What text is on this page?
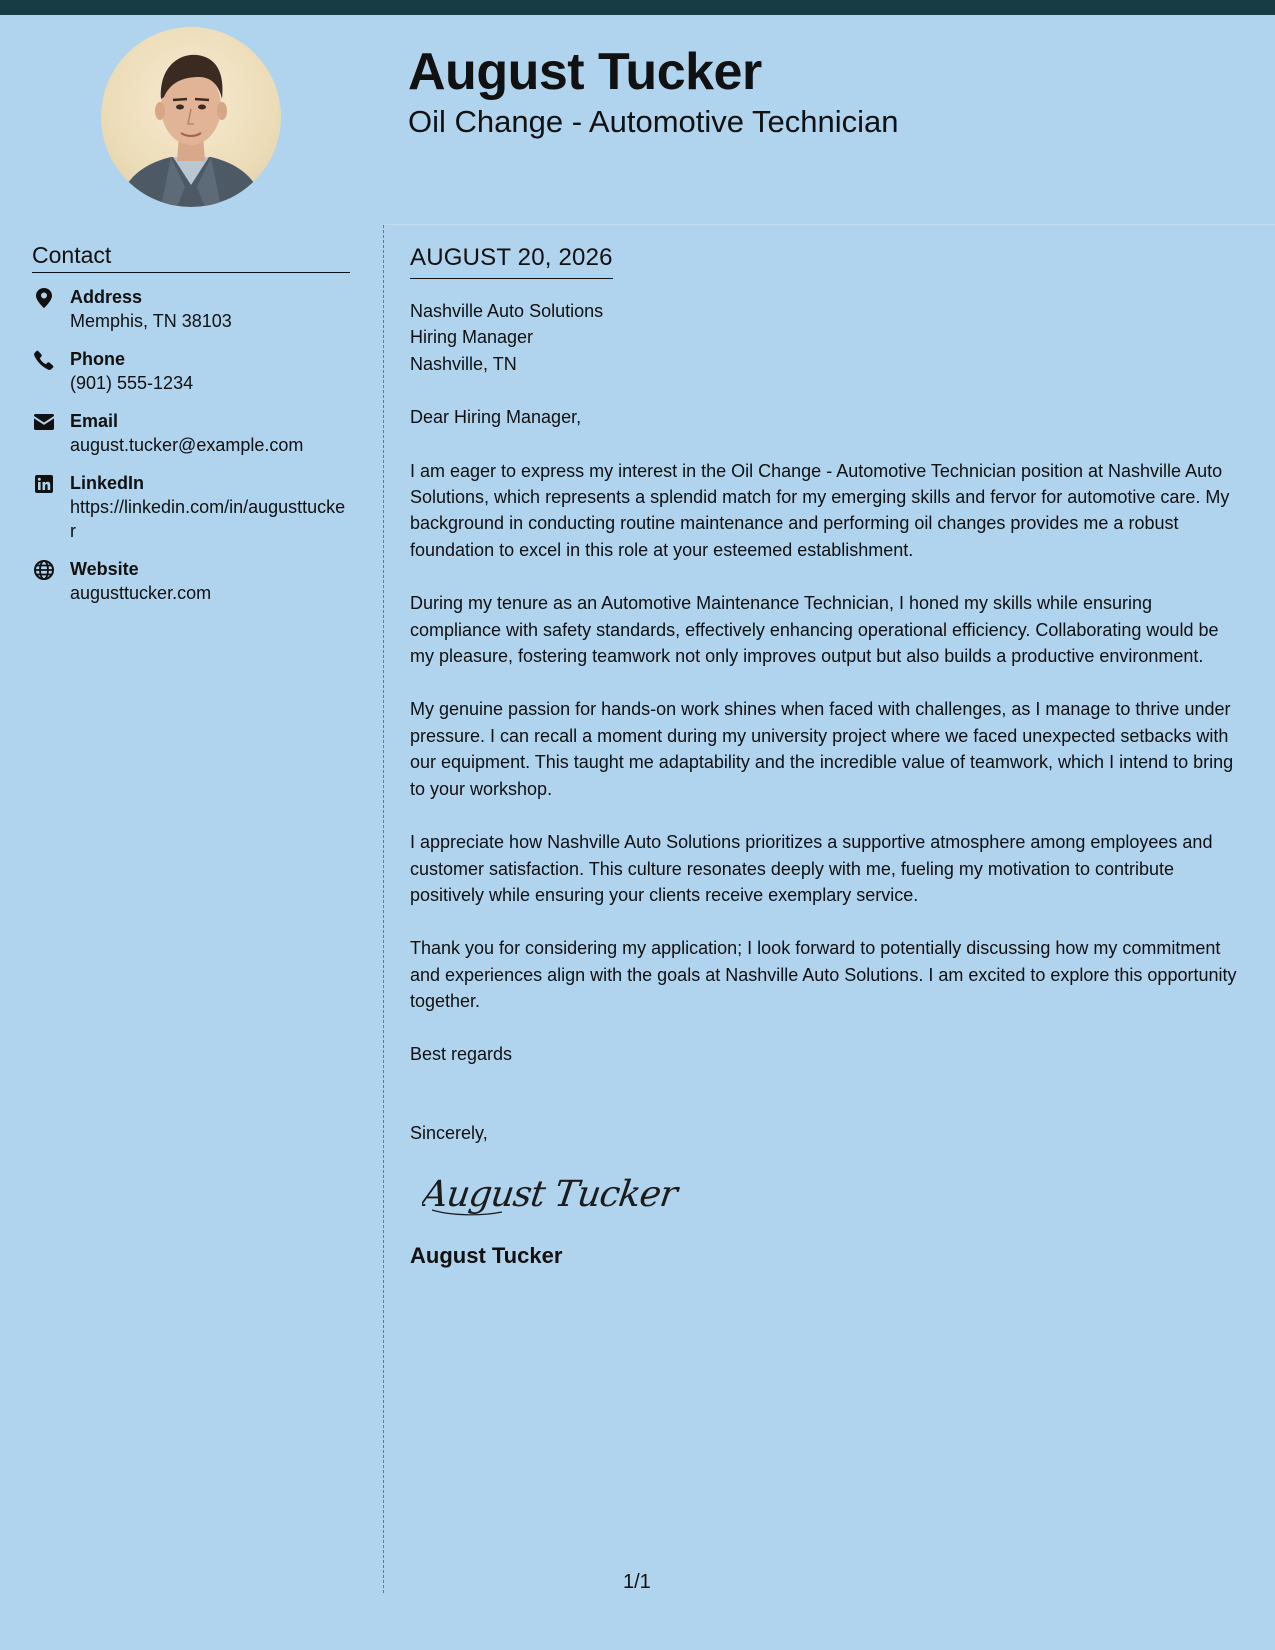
August Tucker
Oil Change - Automotive Technician
Contact
Address
Memphis, TN 38103
Phone
(901) 555-1234
Email
august.tucker@example.com
LinkedIn
https://linkedin.com/in/augusttucker
Website
augusttucker.com
AUGUST 20, 2026
Nashville Auto Solutions
Hiring Manager
Nashville, TN
Dear Hiring Manager,
I am eager to express my interest in the Oil Change - Automotive Technician position at Nashville Auto Solutions, which represents a splendid match for my emerging skills and fervor for automotive care. My background in conducting routine maintenance and performing oil changes provides me a robust foundation to excel in this role at your esteemed establishment.
During my tenure as an Automotive Maintenance Technician, I honed my skills while ensuring compliance with safety standards, effectively enhancing operational efficiency. Collaborating would be my pleasure, fostering teamwork not only improves output but also builds a productive environment.
My genuine passion for hands-on work shines when faced with challenges, as I manage to thrive under pressure. I can recall a moment during my university project where we faced unexpected setbacks with our equipment. This taught me adaptability and the incredible value of teamwork, which I intend to bring to your workshop.
I appreciate how Nashville Auto Solutions prioritizes a supportive atmosphere among employees and customer satisfaction. This culture resonates deeply with me, fueling my motivation to contribute positively while ensuring your clients receive exemplary service.
Thank you for considering my application; I look forward to potentially discussing how my commitment and experiences align with the goals at Nashville Auto Solutions. I am excited to explore this opportunity together.
Best regards
Sincerely,
August Tucker
August Tucker
1/1
